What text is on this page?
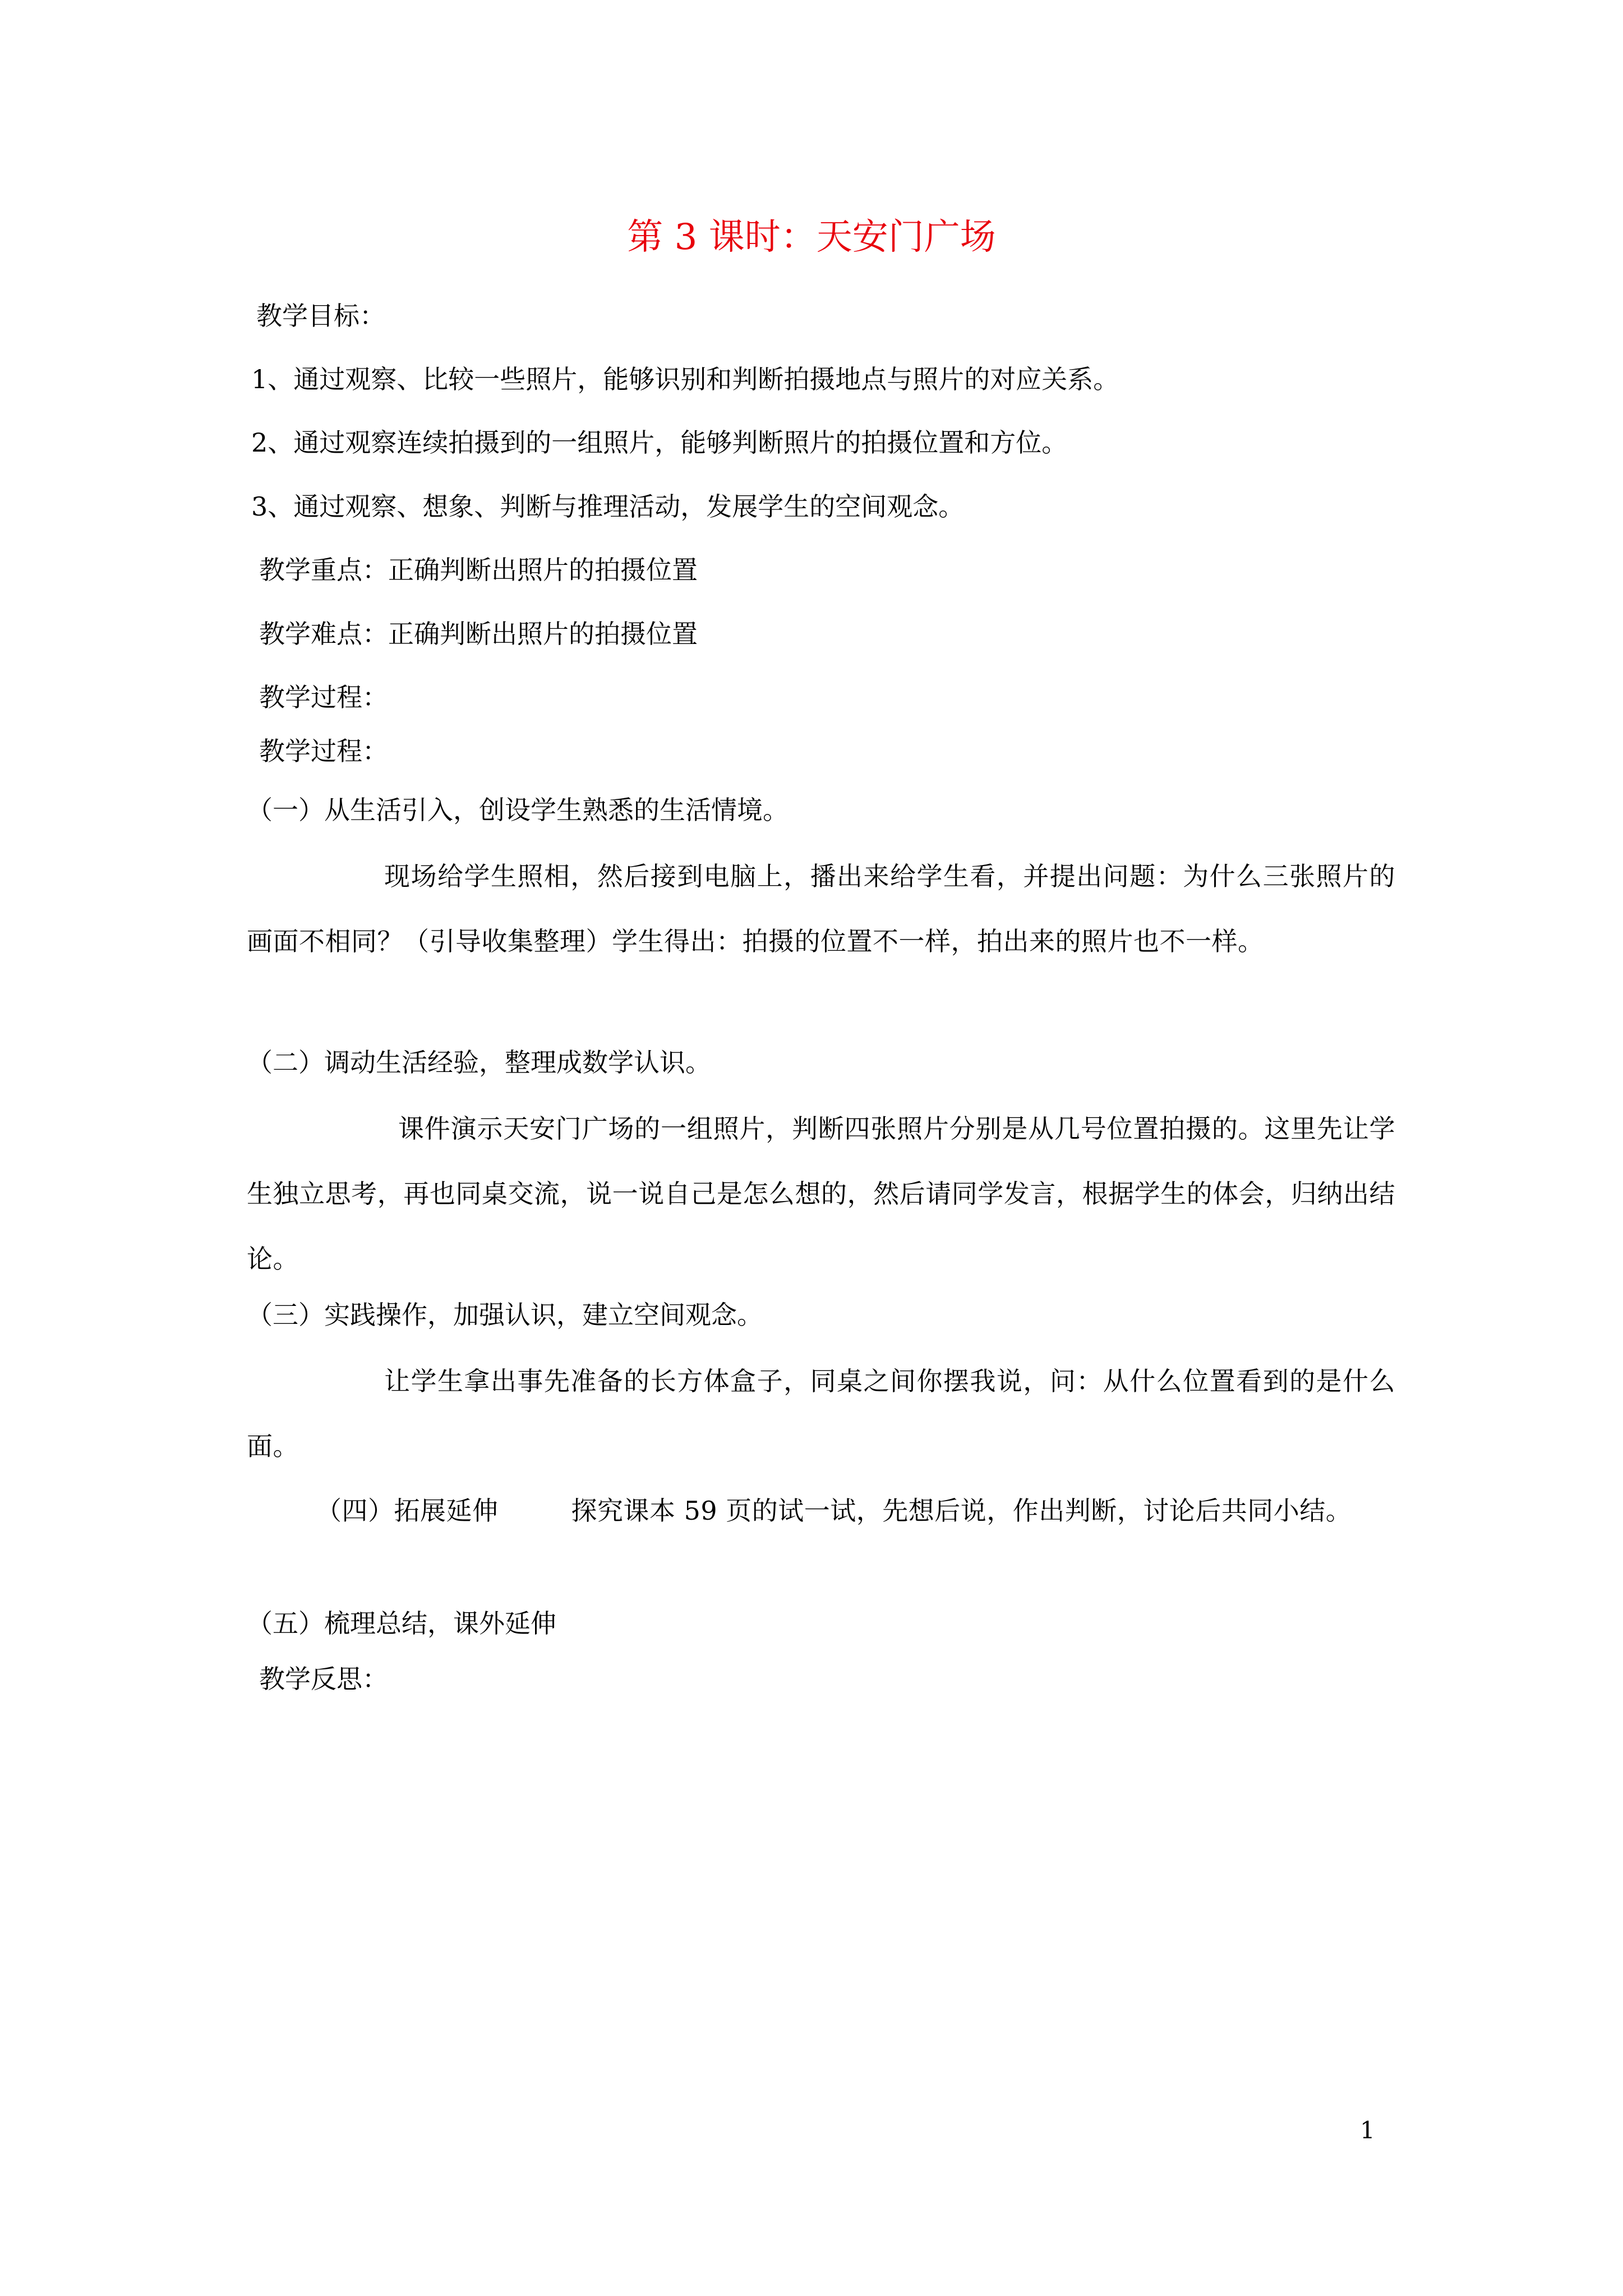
第 3 课时：天安门广场
教学目标：
1、通过观察、比较一些照片，能够识别和判断拍摄地点与照片的对应关系。
2、通过观察连续拍摄到的一组照片，能够判断照片的拍摄位置和方位。
3、通过观察、想象、判断与推理活动，发展学生的空间观念。
教学重点：正确判断出照片的拍摄位置
教学难点：正确判断出照片的拍摄位置
教学过程：
教学过程：
（一）从生活引入，创设学生熟悉的生活情境。
现场给学生照相，然后接到电脑上，播出来给学生看，并提出问题：为什么三张照片的画面不相同？（引导收集整理）学生得出：拍摄的位置不一样，拍出来的照片也不一样。
（二）调动生活经验，整理成数学认识。
课件演示天安门广场的一组照片，判断四张照片分别是从几号位置拍摄的。这里先让学生独立思考，再也同桌交流，说一说自己是怎么想的，然后请同学发言，根据学生的体会，归纳出结论。
（三）实践操作，加强认识，建立空间观念。
让学生拿出事先准备的长方体盒子，同桌之间你摆我说，问：从什么位置看到的是什么面。
（四）拓展延伸	探究课本 59 页的试一试，先想后说，作出判断，讨论后共同小结。
（五）梳理总结，课外延伸
教学反思：
1
